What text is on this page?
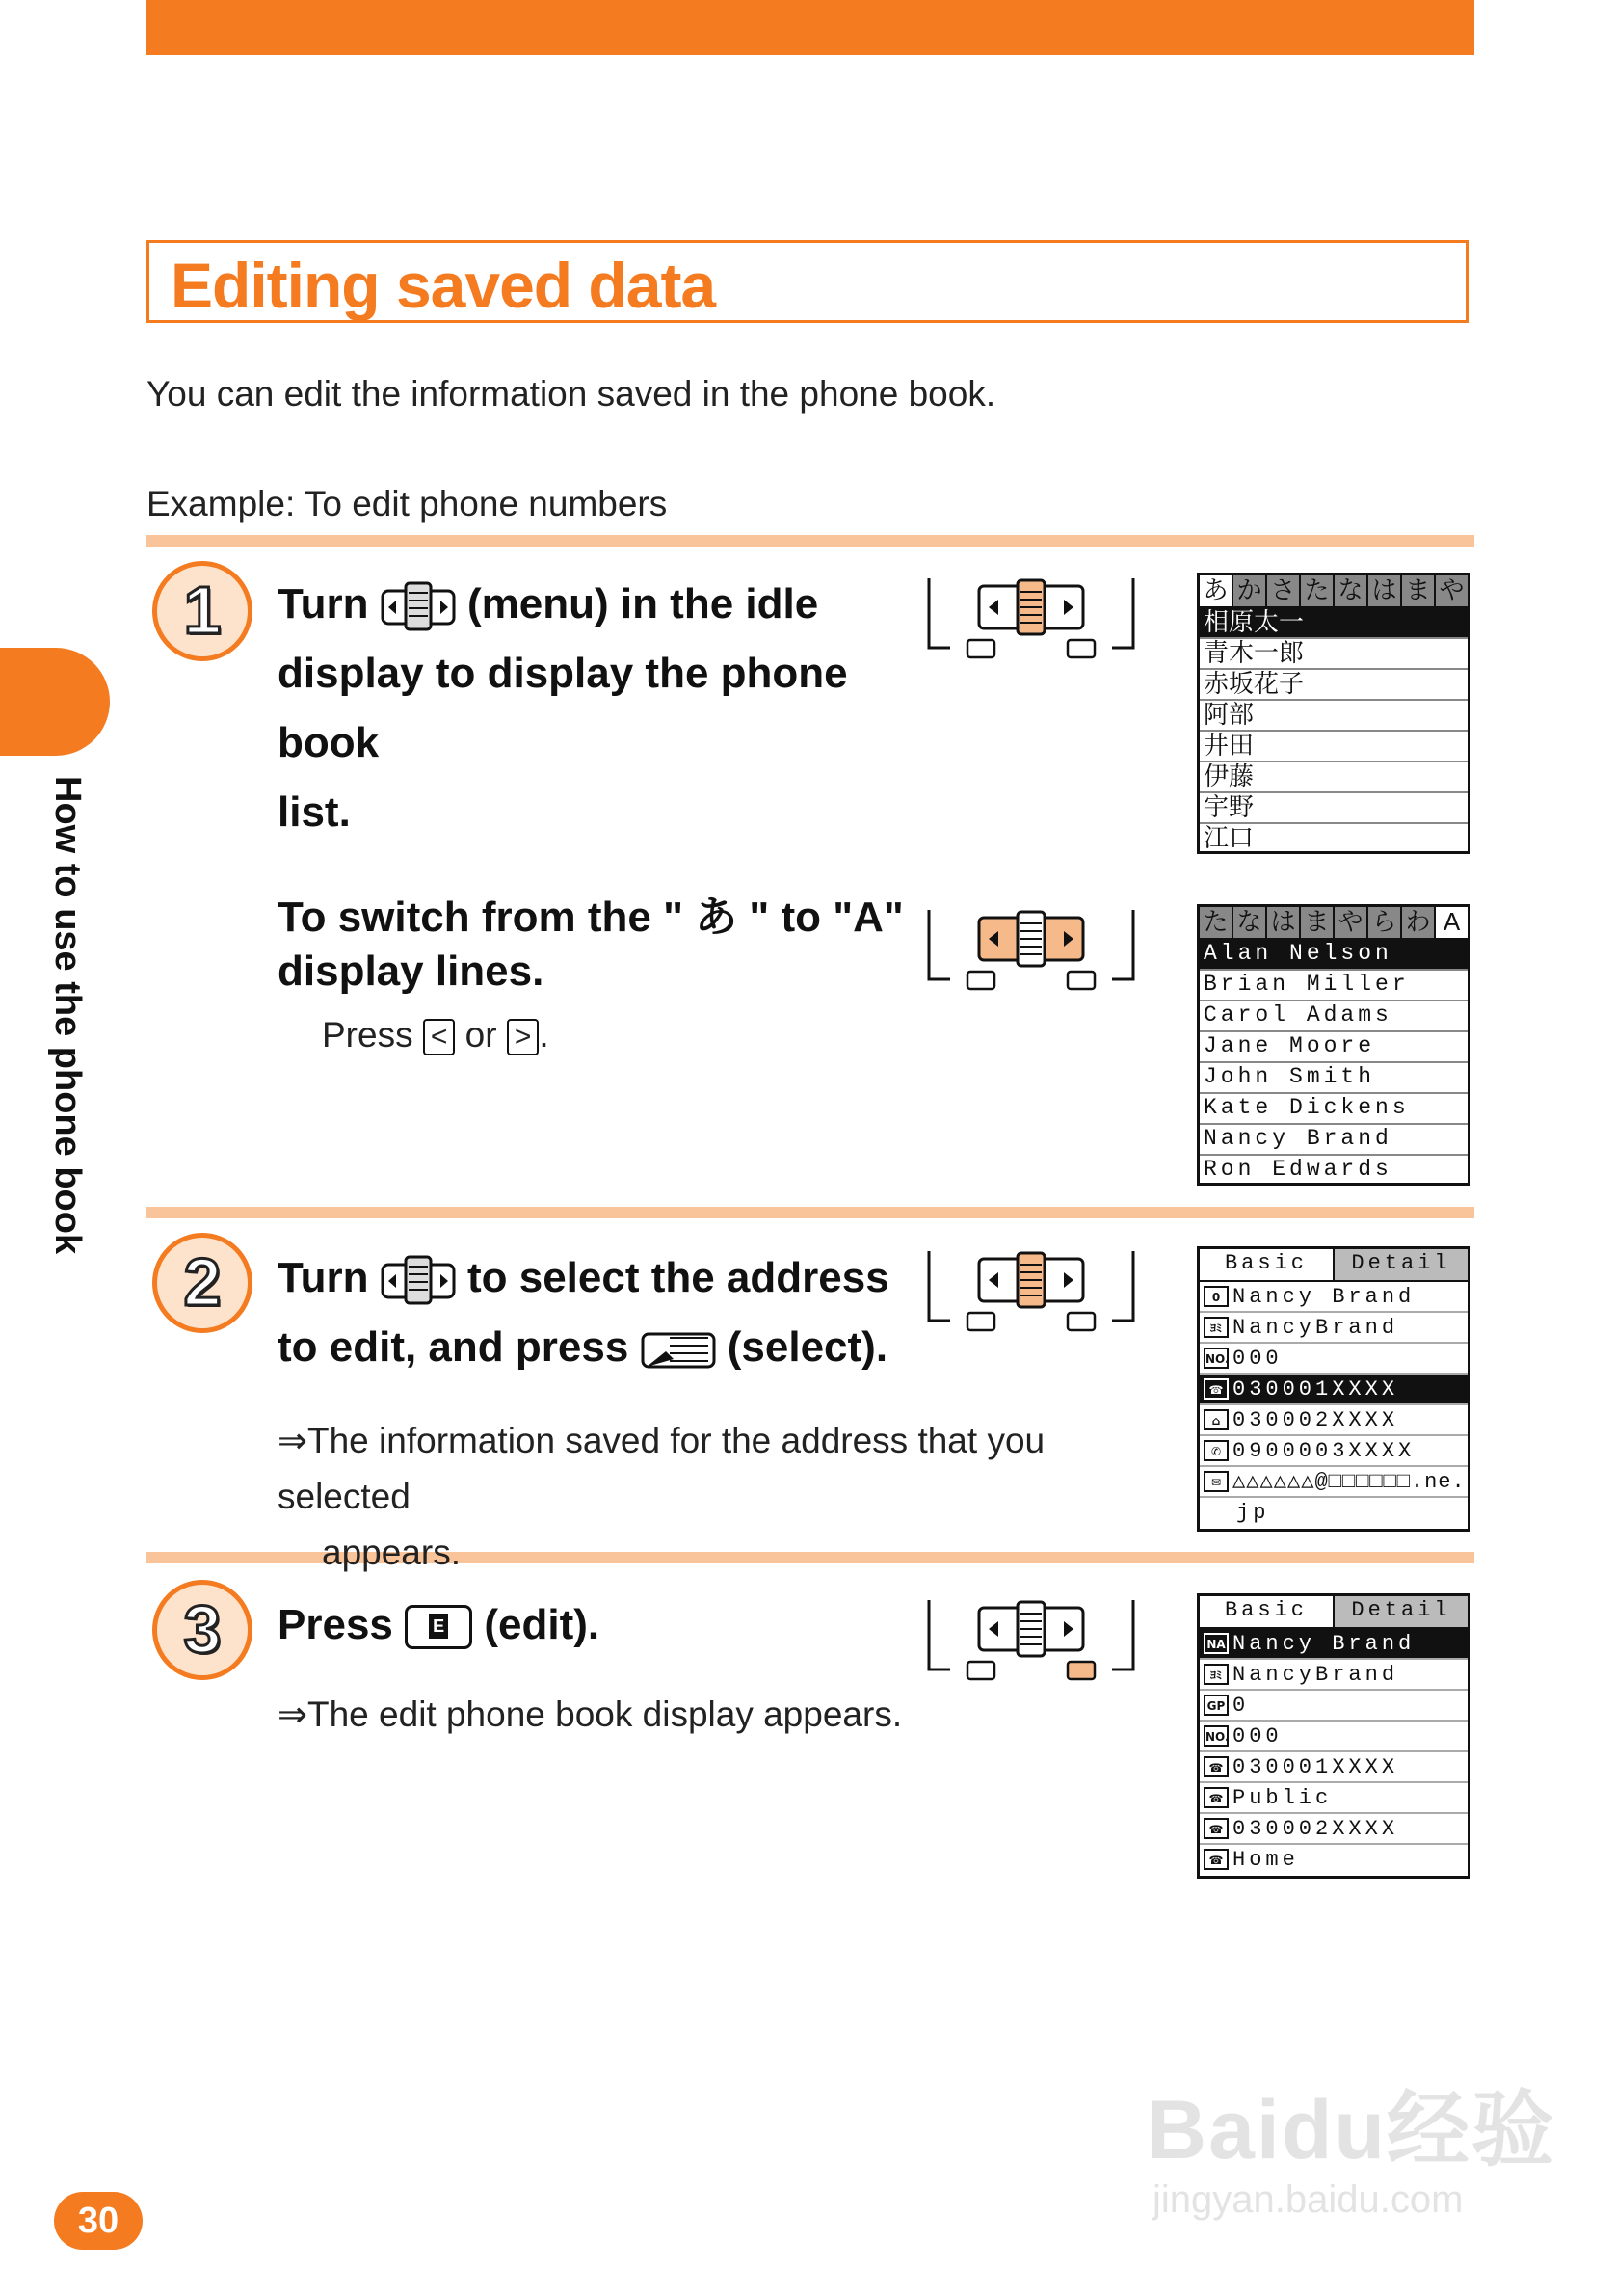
Editing saved data
You can edit the information saved in the phone book.
Example: To edit phone numbers
How to use the phone book
1	Turn (menu) in the idle
display to display the phone book
list.
あ か さ た な は ま や
相原太一
青木一郎
赤坂花子
阿部
井田
伊藤
宇野
江口
To switch from the " あ " to "A"
display lines.
Press < or > .
た な は ま や ら わ A
Alan Nelson
Brian Miller
Carol Adams
Jane Moore
John Smith
Kate Dickens
Nancy Brand
Ron Edwards
2	Turn to select the address
to edit, and press (select).
⇒The information saved for the address that you selected
appears.
Basic	Detail
0 Nancy Brand
ﾖﾐ NancyBrand
NO. 000
☎ 030001XXXX
⌂ 030002XXXX
✆ 0900003XXXX
✉ △△△△△△@□□□□□□.ne.
jp
3	Press E (edit).
⇒The edit phone book display appears.
Basic	Detail
NA Nancy Brand
ﾖﾐ NancyBrand
GP 0
NO. 000
☎ 030001XXXX
☎ Public
☎ 030002XXXX
☎ Home
Baidu经验
jingyan.baidu.com
30
